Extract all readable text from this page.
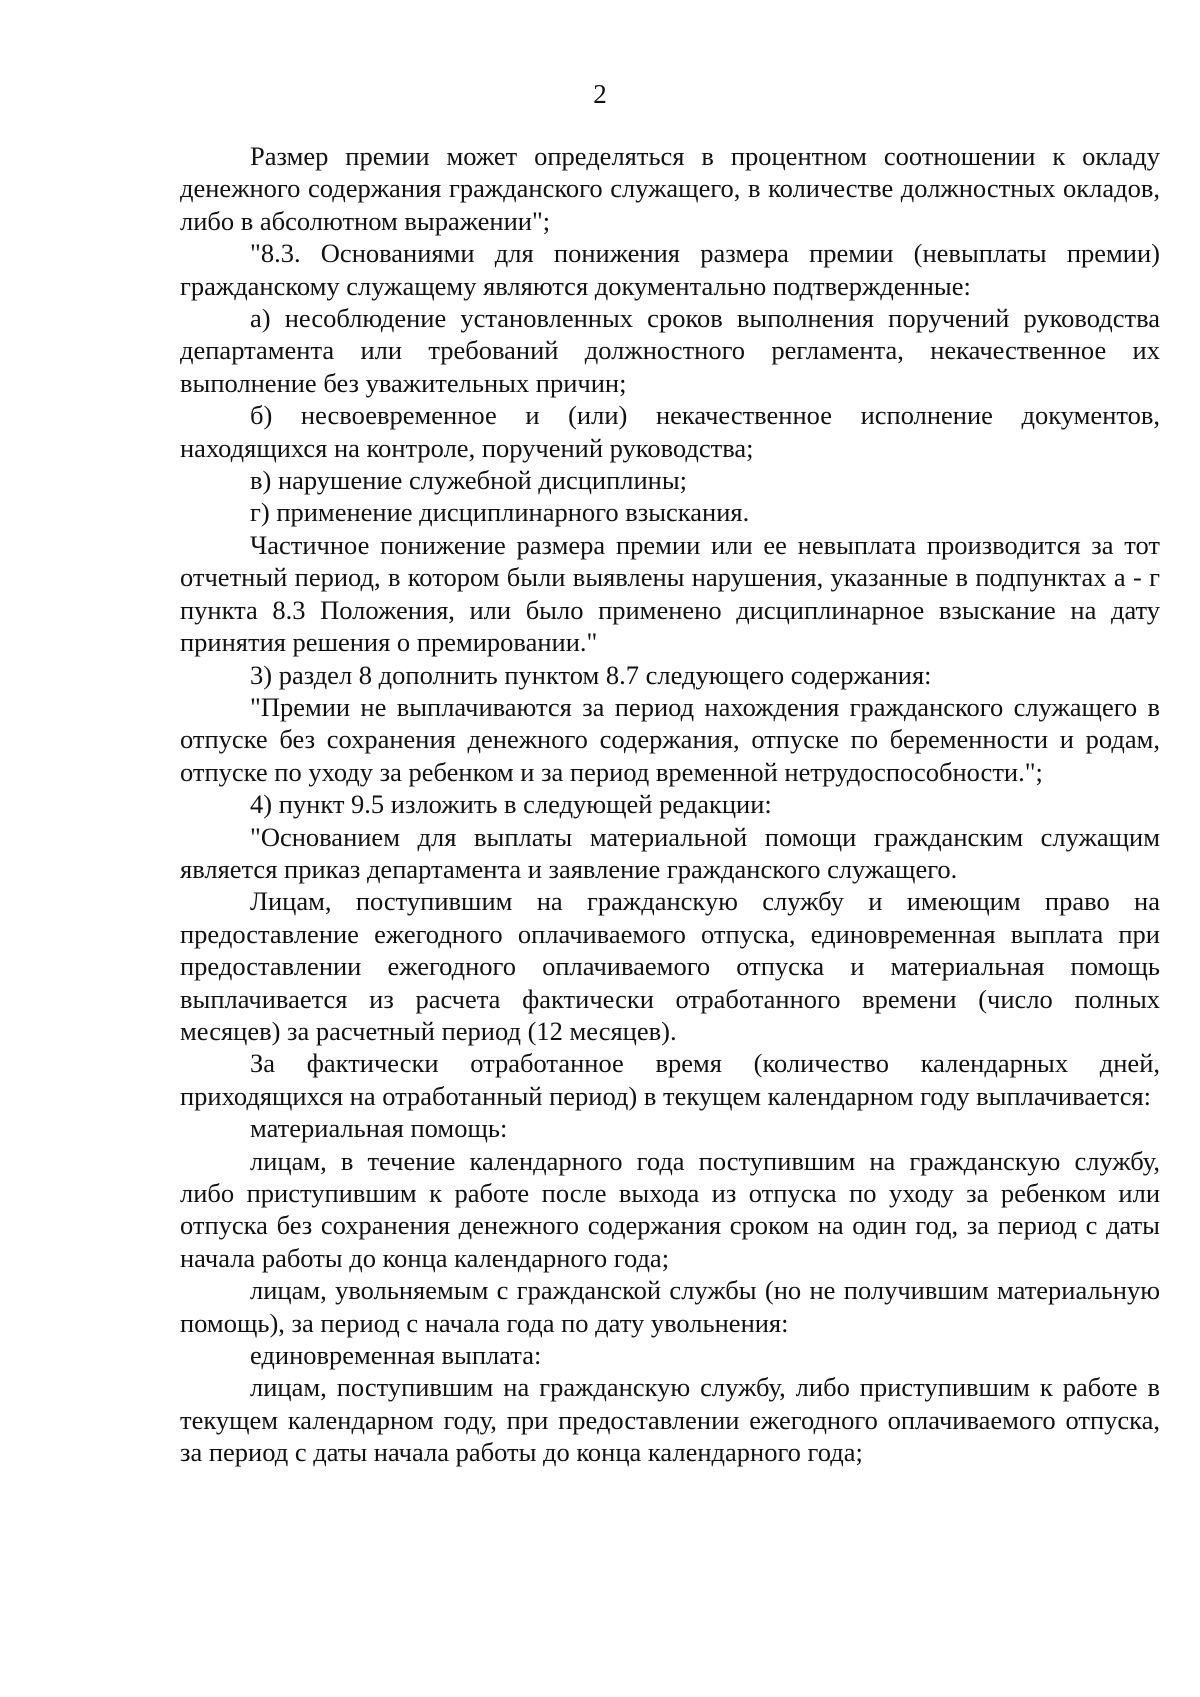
2

Размер премии может определяться в процентном соотношении к окладу денежного содержания гражданского служащего, в количестве должностных окладов, либо в абсолютном выражении";

"8.3. Основаниями для понижения размера премии (невыплаты премии) гражданскому служащему являются документально подтвержденные:

а) несоблюдение установленных сроков выполнения поручений руководства департамента или требований должностного регламента, некачественное их выполнение без уважительных причин;

б) несвоевременное и (или) некачественное исполнение документов, находящихся на контроле, поручений руководства;

в) нарушение служебной дисциплины;

г) применение дисциплинарного взыскания.

Частичное понижение размера премии или ее невыплата производится за тот отчетный период, в котором были выявлены нарушения, указанные в подпунктах а - г пункта 8.3 Положения, или было применено дисциплинарное взыскание на дату принятия решения о премировании."

3) раздел 8 дополнить пунктом 8.7 следующего содержания:

"Премии не выплачиваются за период нахождения гражданского служащего в отпуске без сохранения денежного содержания, отпуске по беременности и родам, отпуске по уходу за ребенком и за период временной нетрудоспособности.";

4) пункт 9.5 изложить в следующей редакции:

"Основанием для выплаты материальной помощи гражданским служащим является приказ департамента и заявление гражданского служащего.

Лицам, поступившим на гражданскую службу и имеющим право на предоставление ежегодного оплачиваемого отпуска, единовременная выплата при предоставлении ежегодного оплачиваемого отпуска и материальная помощь выплачивается из расчета фактически отработанного времени (число полных месяцев) за расчетный период (12 месяцев).

За фактически отработанное время (количество календарных дней, приходящихся на отработанный период) в текущем календарном году выплачивается:

материальная помощь:

лицам, в течение календарного года поступившим на гражданскую службу, либо приступившим к работе после выхода из отпуска по уходу за ребенком или отпуска без сохранения денежного содержания сроком на один год, за период с даты начала работы до конца календарного года;

лицам, увольняемым с гражданской службы (но не получившим материальную помощь), за период с начала года по дату увольнения:

единовременная выплата:

лицам, поступившим на гражданскую службу, либо приступившим к работе в текущем календарном году, при предоставлении ежегодного оплачиваемого отпуска, за период с даты начала работы до конца календарного года;
